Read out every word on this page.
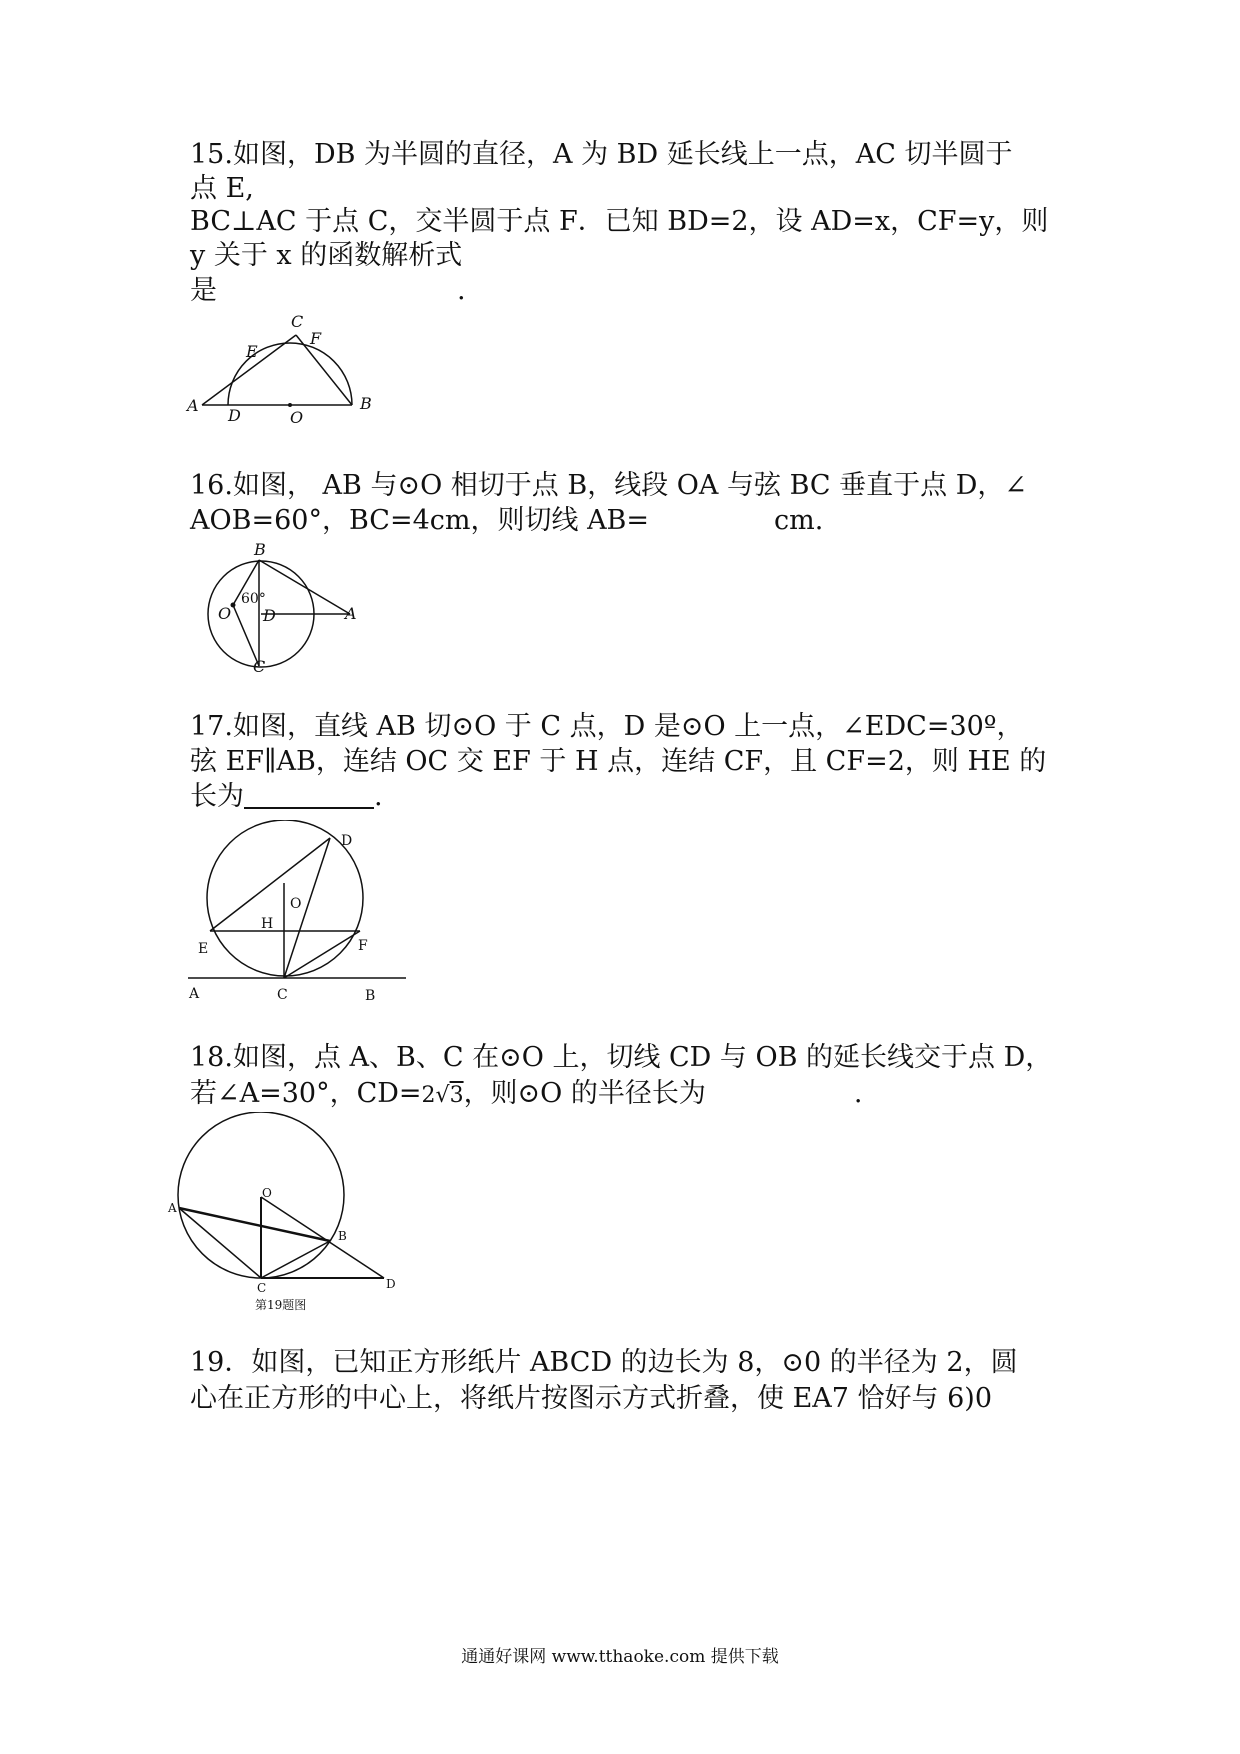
15.如图，DB 为半圆的直径，A 为 BD 延长线上一点，AC 切半圆于

点 E,

BC⊥AC 于点 C，交半圆于点 F．已知 BD=2，设 AD=x，CF=y，则

y 关于 x 的函数解析式

是	.

A
D	O
B
E
C
F

16.如图， AB 与⊙O 相切于点 B，线段 OA 与弦 BC 垂直于点 D，∠

AOB=60°，BC=4cm，则切线 AB=	cm.

B
O D	A
C
60°

17.如图，直线 AB 切⊙O 于 C 点，D 是⊙O 上一点，∠EDC=30º，

弦 EF∥AB，连结 OC 交 EF 于 H 点，连结 CF，且 CF=2，则 HE 的

长为	.

D
O
H
E	F
A	C	B

18.如图，点 A、B、C 在⊙O 上，切线 CD 与 OB 的延长线交于点 D，

若∠A=30°，CD=2√3，则⊙O 的半径长为	.

O
A
B
C	D
第19题图

19．如图，已知正方形纸片 ABCD 的边长为 8，⊙0 的半径为 2，圆

心在正方形的中心上，将纸片按图示方式折叠，使 EA7 恰好与 6)0

通通好课网 www.tthaoke.com 提供下载
